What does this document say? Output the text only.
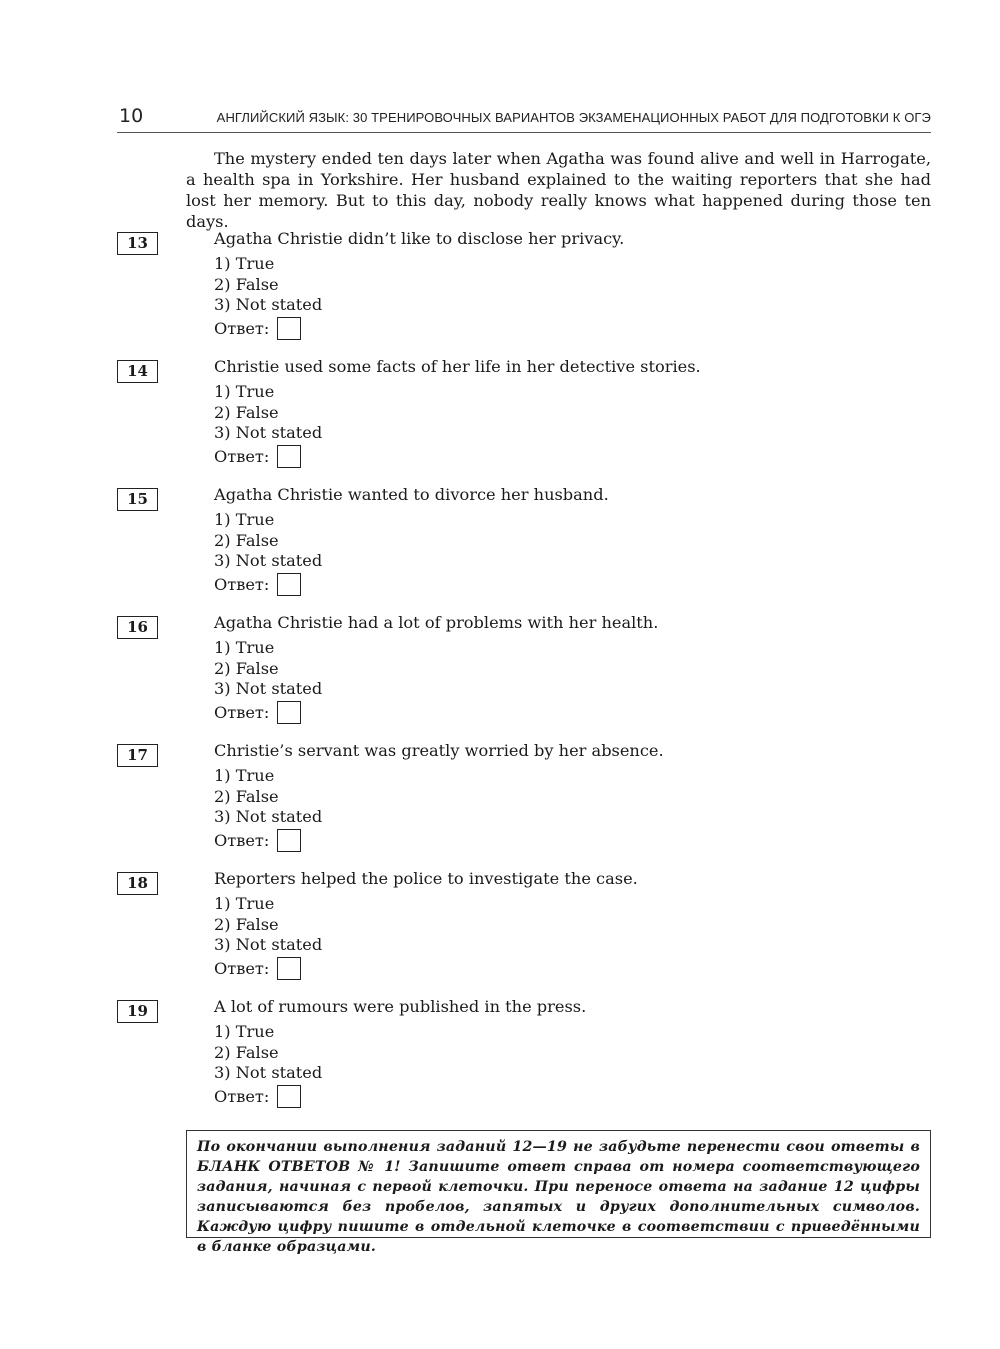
10	АНГЛИЙСКИЙ ЯЗЫК: 30 ТРЕНИРОВОЧНЫХ ВАРИАНТОВ ЭКЗАМЕНАЦИОННЫХ РАБОТ ДЛЯ ПОДГОТОВКИ К ОГЭ

The mystery ended ten days later when Agatha was found alive and well in Harrogate, a health spa in Yorkshire. Her husband explained to the waiting reporters that she had lost her memory. But to this day, nobody really knows what happened during those ten days.

13	Agatha Christie didn’t like to disclose her privacy.
1) True
2) False
3) Not stated
Ответ:
14	Christie used some facts of her life in her detective stories.
1) True
2) False
3) Not stated
Ответ:
15	Agatha Christie wanted to divorce her husband.
1) True
2) False
3) Not stated
Ответ:
16	Agatha Christie had a lot of problems with her health.
1) True
2) False
3) Not stated
Ответ:
17	Christie’s servant was greatly worried by her absence.
1) True
2) False
3) Not stated
Ответ:
18	Reporters helped the police to investigate the case.
1) True
2) False
3) Not stated
Ответ:
19	A lot of rumours were published in the press.
1) True
2) False
3) Not stated
Ответ:

По окончании выполнения заданий 12—19 не забудьте перенести свои ответы в БЛАНК ОТВЕТОВ № 1! Запишите ответ справа от номера соответствующего задания, начиная с первой клеточки. При переносе ответа на задание 12 цифры записываются без пробелов, запятых и других дополнительных символов. Каждую цифру пишите в отдельной клеточке в соответствии с приведёнными в бланке образцами.
